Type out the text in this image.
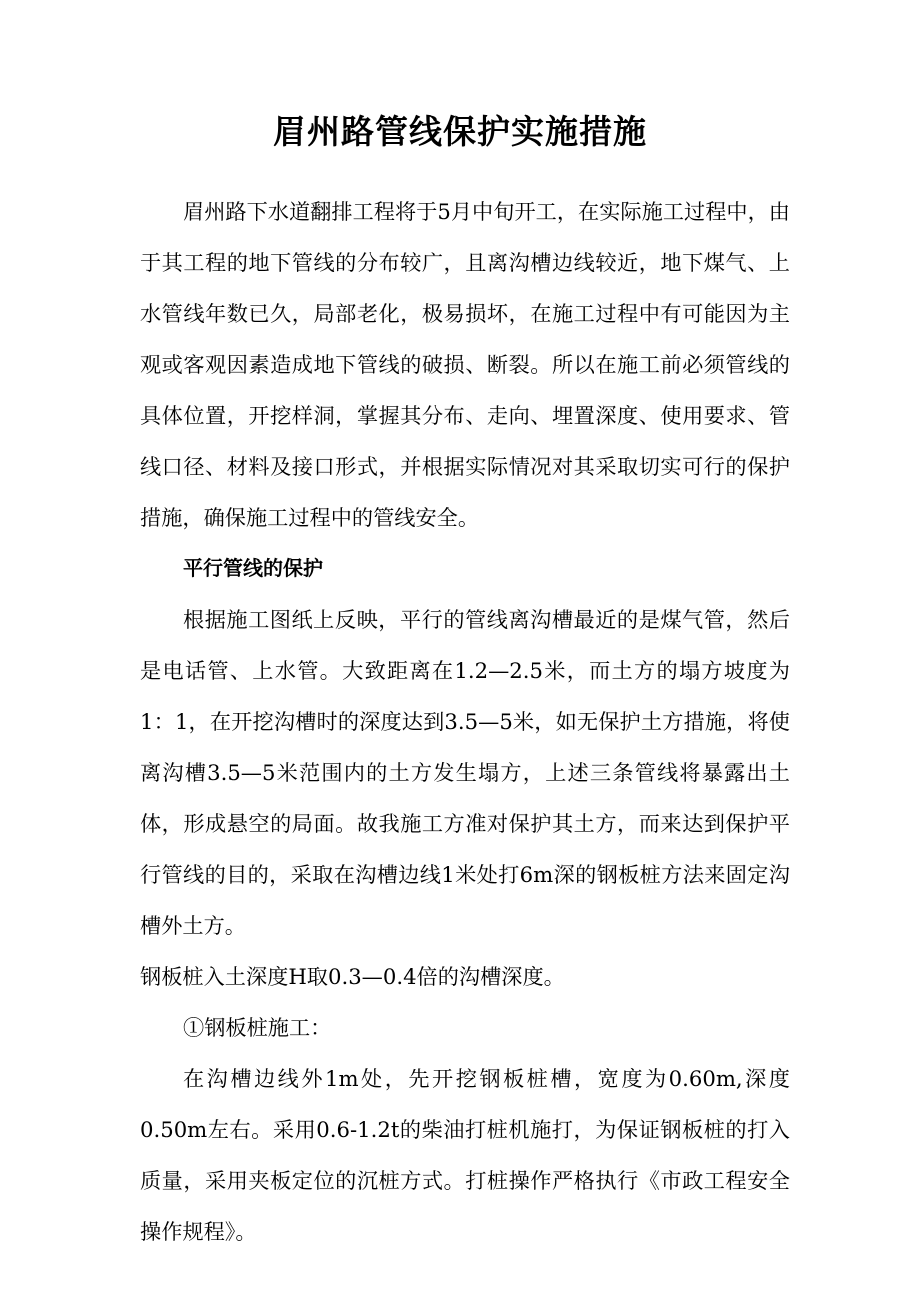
眉州路管线保护实施措施

眉州路下水道翻排工程将于5月中旬开工，在实际施工过程中，由于其工程的地下管线的分布较广，且离沟槽边线较近，地下煤气、上水管线年数已久，局部老化，极易损坏，在施工过程中有可能因为主观或客观因素造成地下管线的破损、断裂。所以在施工前必须管线的具体位置，开挖样洞，掌握其分布、走向、埋置深度、使用要求、管线口径、材料及接口形式，并根据实际情况对其采取切实可行的保护措施，确保施工过程中的管线安全。

平行管线的保护

根据施工图纸上反映，平行的管线离沟槽最近的是煤气管，然后是电话管、上水管。大致距离在1.2—2.5米，而土方的塌方坡度为1：1，在开挖沟槽时的深度达到3.5—5米，如无保护土方措施，将使离沟槽3.5—5米范围内的土方发生塌方，上述三条管线将暴露出土体，形成悬空的局面。故我施工方准对保护其土方，而来达到保护平行管线的目的，采取在沟槽边线1米处打6m深的钢板桩方法来固定沟槽外土方。

钢板桩入土深度H取0.3—0.4倍的沟槽深度。

①钢板桩施工：

在沟槽边线外1m处，先开挖钢板桩槽，宽度为0.60m,深度0.50m左右。采用0.6-1.2t的柴油打桩机施打，为保证钢板桩的打入质量，采用夹板定位的沉桩方式。打桩操作严格执行《市政工程安全操作规程》。
